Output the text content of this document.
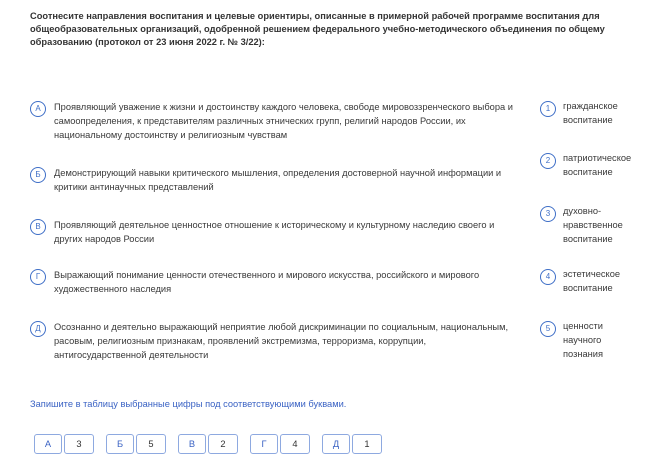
Соотнесите направления воспитания и целевые ориентиры, описанные в примерной рабочей программе воспитания для общеобразовательных организаций, одобренной решением федерального учебно-методического объединения по общему образованию (протокол от 23 июня 2022 г. № 3/22):
А	Проявляющий уважение к жизни и достоинству каждого человека, свободе мировоззренческого выбора и самоопределения, к представителям различных этнических групп, религий народов России, их национальному достоинству и религиозным чувствам
1	гражданское воспитание
Б	Демонстрирующий навыки критического мышления, определения достоверной научной информации и критики антинаучных представлений
2	патриотическое воспитание
В	Проявляющий деятельное ценностное отношение к историческому и культурному наследию своего и других народов России
3	духовно-нравственное воспитание
Г	Выражающий понимание ценности отечественного и мирового искусства, российского и мирового художественного наследия
4	эстетическое воспитание
Д	Осознанно и деятельно выражающий неприятие любой дискриминации по социальным, национальным, расовым, религиозным признакам, проявлений экстремизма, терроризма, коррупции, антигосударственной деятельности
5	ценности научного познания
Запишите в таблицу выбранные цифры под соответствующими буквами.
А	3	Б	5	В	2	Г	4	Д	1
